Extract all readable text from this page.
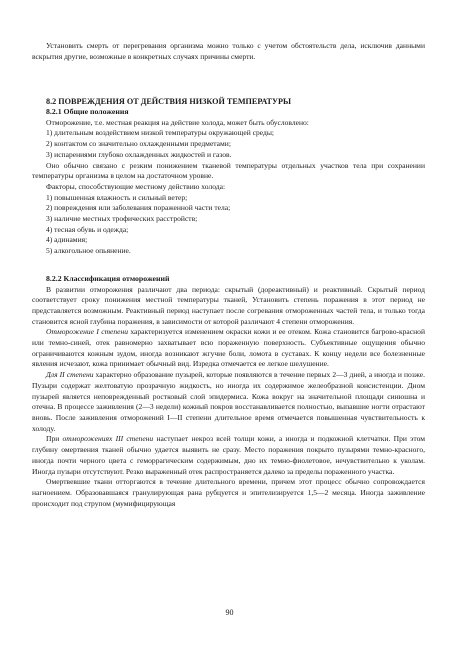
Установить смерть от перегревания организма можно только с учетом обстоятельств дела, исключив данными вскрытия другие, возможные в конкретных случаях причины смерти.

8.2 ПОВРЕЖДЕНИЯ ОТ ДЕЙСТВИЯ НИЗКОЙ ТЕМПЕРАТУРЫ
8.2.1 Общие положения

Отморожение, т.е. местная реакция на действие холода, может быть обусловлено:

1) длительным воздействием низкой температуры окружающей среды;

2) контактом со значительно охлажденными предметами;

3) испарениями глубоко охлажденных жидкостей и газов.

Оно обычно связано с резким понижением тканевой температуры отдельных участков тела при сохранении температуры организма в целом на достаточном уровне.

Факторы, способствующие местному действию холода:

1) повышенная влажность и сильный ветер;

2) повреждения или заболевания пораженной части тела;

3) наличие местных трофических расстройств;

4) тесная обувь и одежда;

4) адинамия;

5) алкогольное опьянение.

8.2.2 Классификация отморожений

В развитии отморожения различают два периода: скрытый (дореактивный) и реактивный. Скрытый период соответствует сроку понижения местной температуры тканей, Установить степень поражения в этот период не представляется возможным. Реактивный период наступает после согревания отмороженных частей тела, и только тогда становится ясной глубина поражения, в зависимости от которой различают 4 степени отморожения.

Отморожение I степени характеризуется изменением окраски кожи и ее отеком. Кожа становится багрово-красной или темно-синей, отек равномерно захватывает всю пораженную поверхность. Субъективные ощущения обычно ограничиваются кожным зудом, иногда возникают жгучие боли, ломота в суставах. К концу недели все болезненные явления исчезают, кожа принимает обычный вид. Изредка отмечается ее легкое шелушение.

Для II степени характерно образование пузырей, которые появляются в течение первых 2—3 дней, а иногда и позже. Пузыри содержат желтоватую прозрачную жидкость, но иногда их содержимое желеобразной консистенции. Дном пузырей является неповрежденный ростковый слой эпидермиса. Кожа вокруг на значительной площади синюшна и отечна. В процессе заживления (2—3 недели) кожный покров восстанавливается полностью, выпавшие ногти отрастают вновь. После заживления отморожений I—II степени длительное время отмечается повышенная чувствительность к холоду.

При отморожениях III степени наступает некроз всей толщи кожи, а иногда и подкожной клетчатки. При этом глубину омертвения тканей обычно удается выявить не сразу. Место поражения покрыто пузырями темно-красного, иногда почти черного цвета с геморрагическим содержимым, дно их темно-фиолетовое, нечувствительно к уколам. Иногда пузыри отсутствуют. Резко выраженный отек распространяется далеко за пределы пораженного участка.

Омертвевшие ткани отторгаются в течение длительного времени, причем этот процесс обычно сопровождается нагноением. Образовавшаяся гранулирующая рана рубцуется и эпителизируется 1,5—2 месяца. Иногда заживление происходит под струпом (мумифицирующая

90
